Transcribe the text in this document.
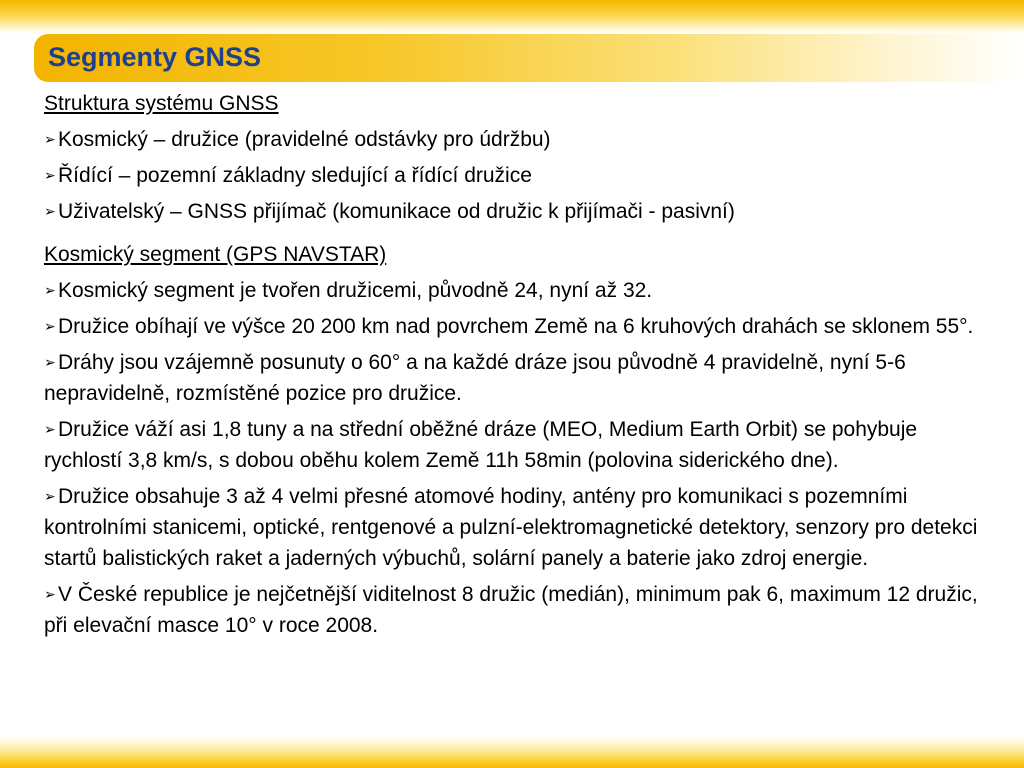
Segmenty GNSS

Struktura systému GNSS

➢ Kosmický – družice (pravidelné odstávky pro údržbu)

➢ Řídící – pozemní základny sledující a řídící družice

➢ Uživatelský – GNSS přijímač (komunikace od družic k přijímači - pasivní)

Kosmický segment (GPS NAVSTAR)

➢ Kosmický segment je tvořen družicemi, původně 24, nyní až 32.

➢ Družice obíhají ve výšce 20 200 km nad povrchem Země na 6 kruhových drahách se sklonem 55°.

➢ Dráhy jsou vzájemně posunuty o 60° a na každé dráze jsou původně 4 pravidelně, nyní 5-6 nepravidelně, rozmístěné pozice pro družice.

➢ Družice váží asi 1,8 tuny a na střední oběžné dráze (MEO, Medium Earth Orbit) se pohybuje rychlostí 3,8 km/s, s dobou oběhu kolem Země 11h 58min (polovina siderického dne).

➢ Družice obsahuje 3 až 4 velmi přesné atomové hodiny, antény pro komunikaci s pozemními kontrolními stanicemi, optické, rentgenové a pulzní-elektromagnetické detektory, senzory pro detekci startů balistických raket a jaderných výbuchů, solární panely a baterie jako zdroj energie.

➢ V České republice je nejčetnější viditelnost 8 družic (medián), minimum pak 6, maximum 12 družic, při elevační masce 10° v roce 2008.
